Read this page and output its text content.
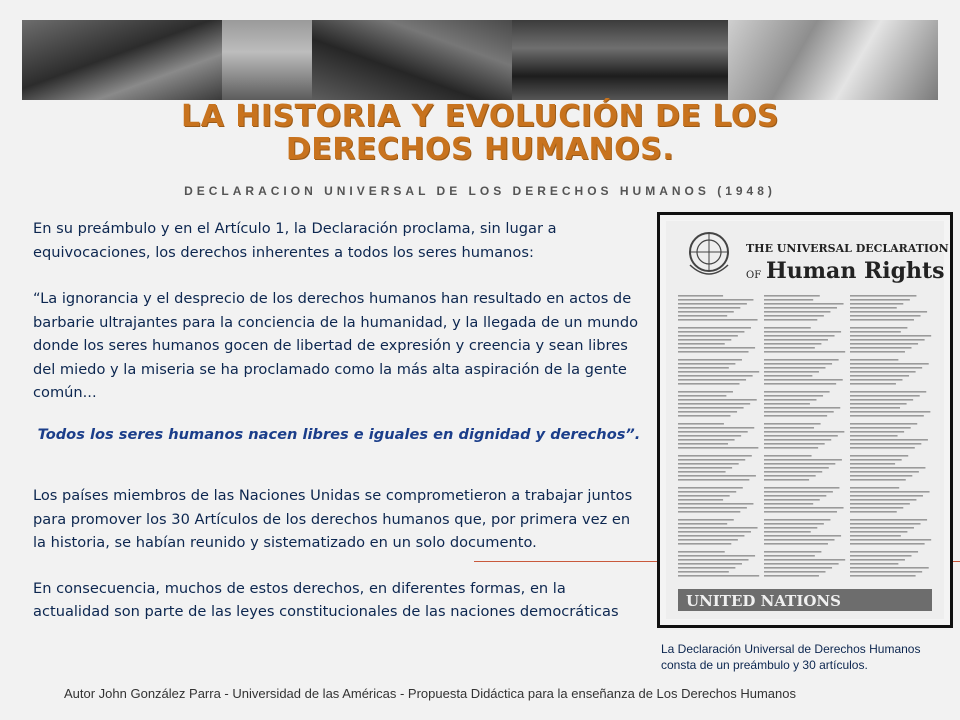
LA HISTORIA Y EVOLUCIÓN DE LOS DERECHOS HUMANOS.
DECLARACION UNIVERSAL DE LOS DERECHOS HUMANOS (1948)

En su preámbulo y en el Artículo 1, la Declaración proclama, sin lugar a equivocaciones, los derechos inherentes a todos los seres humanos:

“La ignorancia y el desprecio de los derechos humanos han resultado en actos de barbarie ultrajantes para la conciencia de la humanidad, y la llegada de un mundo donde los seres humanos gocen de libertad de expresión y creencia y sean libres del miedo y la miseria se ha proclamado como la más alta aspiración de la gente común...

Todos los seres humanos nacen libres e iguales en dignidad y derechos”.

Los países miembros de las Naciones Unidas se comprometieron a trabajar juntos para promover los 30 Artículos de los derechos humanos que, por primera vez en la historia, se habían reunido y sistematizado en un solo documento.

En consecuencia, muchos de estos derechos, en diferentes formas, en la actualidad son parte de las leyes constitucionales de las naciones democráticas

THE UNIVERSAL DECLARATION
OF Human Rights
UNITED NATIONS
La Declaración Universal de Derechos Humanos consta de un preámbulo y 30 artículos.
Autor John González Parra - Universidad de las Américas - Propuesta Didáctica para la enseñanza de Los Derechos Humanos
